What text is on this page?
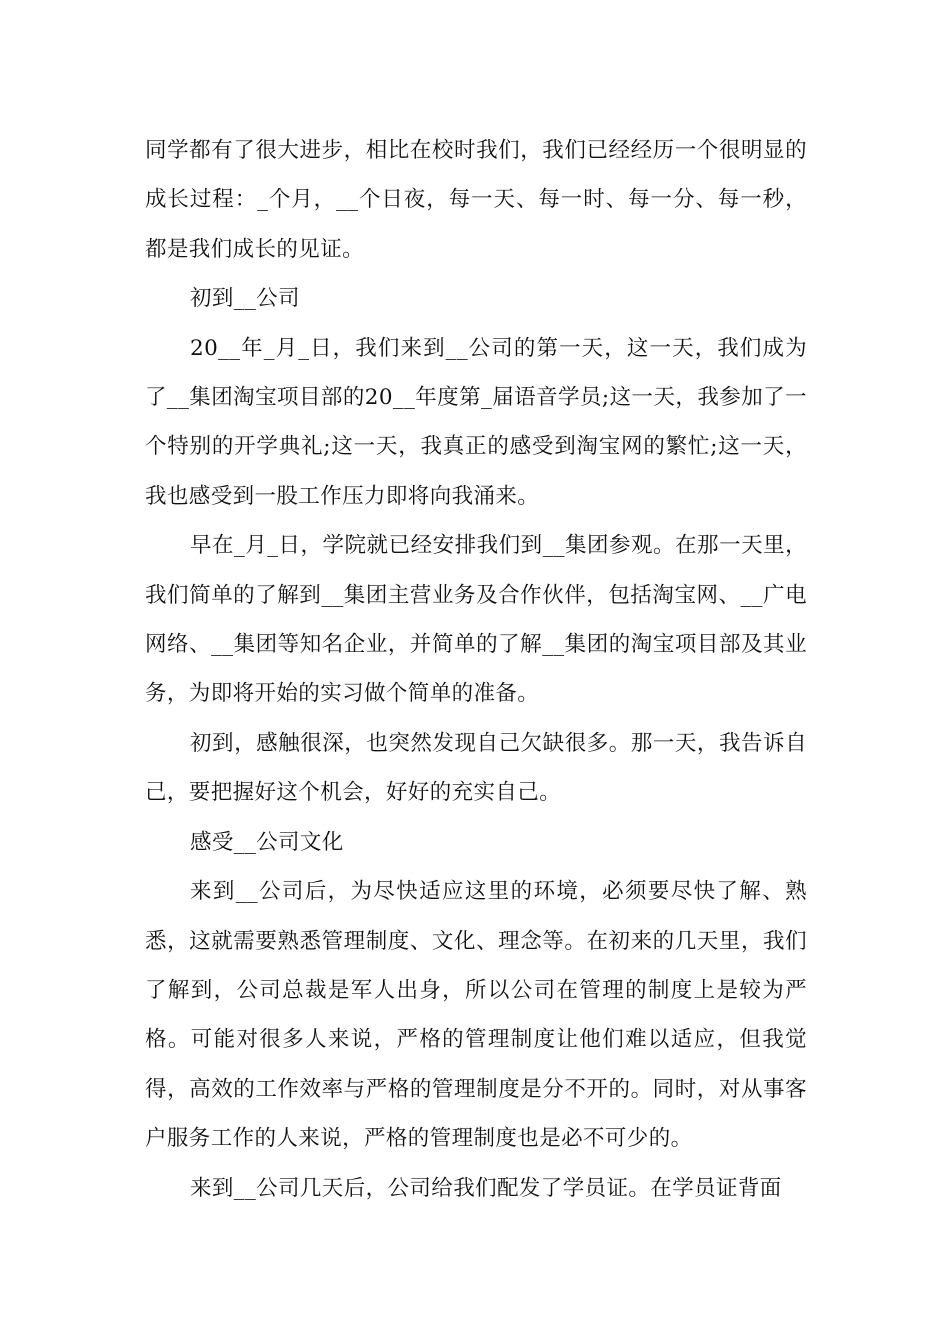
同学都有了很大进步，相比在校时我们，我们已经经历一个很明显的成长过程：_个月，__个日夜，每一天、每一时、每一分、每一秒，都是我们成长的见证。

初到__公司

20__年_月_日，我们来到__公司的第一天，这一天，我们成为了__集团淘宝项目部的20__年度第_届语音学员;这一天，我参加了一个特别的开学典礼;这一天，我真正的感受到淘宝网的繁忙;这一天，我也感受到一股工作压力即将向我涌来。

早在_月_日，学院就已经安排我们到__集团参观。在那一天里，我们简单的了解到__集团主营业务及合作伙伴，包括淘宝网、__广电网络、__集团等知名企业，并简单的了解__集团的淘宝项目部及其业务，为即将开始的实习做个简单的准备。

初到，感触很深，也突然发现自己欠缺很多。那一天，我告诉自己，要把握好这个机会，好好的充实自己。

感受__公司文化

来到__公司后，为尽快适应这里的环境，必须要尽快了解、熟悉，这就需要熟悉管理制度、文化、理念等。在初来的几天里，我们了解到，公司总裁是军人出身，所以公司在管理的制度上是较为严格。可能对很多人来说，严格的管理制度让他们难以适应，但我觉得，高效的工作效率与严格的管理制度是分不开的。同时，对从事客户服务工作的人来说，严格的管理制度也是必不可少的。

来到__公司几天后，公司给我们配发了学员证。在学员证背面
